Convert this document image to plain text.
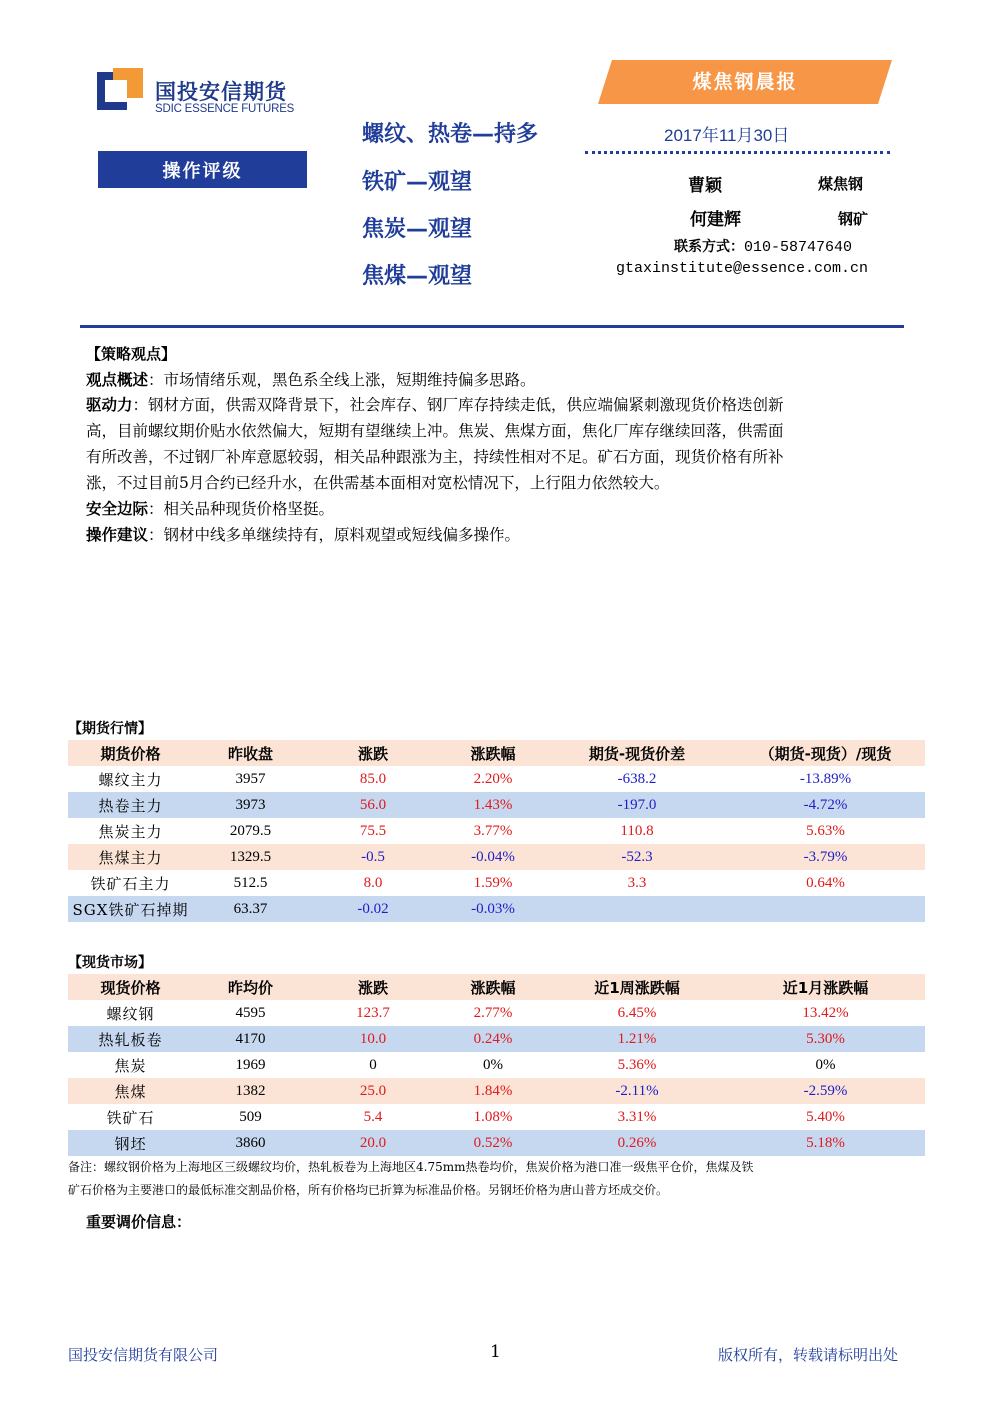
国投安信期货
SDIC ESSENCE FUTURES
操作评级
螺纹、热卷—持多
铁矿—观望
焦炭—观望
焦煤—观望
煤焦钢晨报
2017年11月30日
曹颖	煤焦钢
何建辉	钢矿
联系方式：010-58747640
gtaxinstitute@essence.com.cn
【策略观点】
观点概述：市场情绪乐观，黑色系全线上涨，短期维持偏多思路。
驱动力：钢材方面，供需双降背景下，社会库存、钢厂库存持续走低，供应端偏紧刺激现货价格迭创新
高，目前螺纹期价贴水依然偏大，短期有望继续上冲。焦炭、焦煤方面，焦化厂库存继续回落，供需面
有所改善，不过钢厂补库意愿较弱，相关品种跟涨为主，持续性相对不足。矿石方面，现货价格有所补
涨，不过目前5月合约已经升水，在供需基本面相对宽松情况下，上行阻力依然较大。
安全边际：相关品种现货价格坚挺。
操作建议：钢材中线多单继续持有，原料观望或短线偏多操作。
【期货行情】
期货价格	昨收盘	涨跌	涨跌幅	期货-现货价差	（期货-现货）/现货
螺纹主力	3957	85.0	2.20%	-638.2	-13.89%
热卷主力	3973	56.0	1.43%	-197.0	-4.72%
焦炭主力	2079.5	75.5	3.77%	110.8	5.63%
焦煤主力	1329.5	-0.5	-0.04%	-52.3	-3.79%
铁矿石主力	512.5	8.0	1.59%	3.3	0.64%
SGX铁矿石掉期	63.37	-0.02	-0.03%		
【现货市场】
现货价格	昨均价	涨跌	涨跌幅	近1周涨跌幅	近1月涨跌幅
螺纹钢	4595	123.7	2.77%	6.45%	13.42%
热轧板卷	4170	10.0	0.24%	1.21%	5.30%
焦炭	1969	0	0%	5.36%	0%
焦煤	1382	25.0	1.84%	-2.11%	-2.59%
铁矿石	509	5.4	1.08%	3.31%	5.40%
钢坯	3860	20.0	0.52%	0.26%	5.18%
备注：螺纹钢价格为上海地区三级螺纹均价，热轧板卷为上海地区4.75mm热卷均价，焦炭价格为港口准一级焦平仓价，焦煤及铁
矿石价格为主要港口的最低标准交割品价格，所有价格均已折算为标准品价格。另钢坯价格为唐山普方坯成交价。
重要调价信息：
国投安信期货有限公司	1	版权所有，转载请标明出处
